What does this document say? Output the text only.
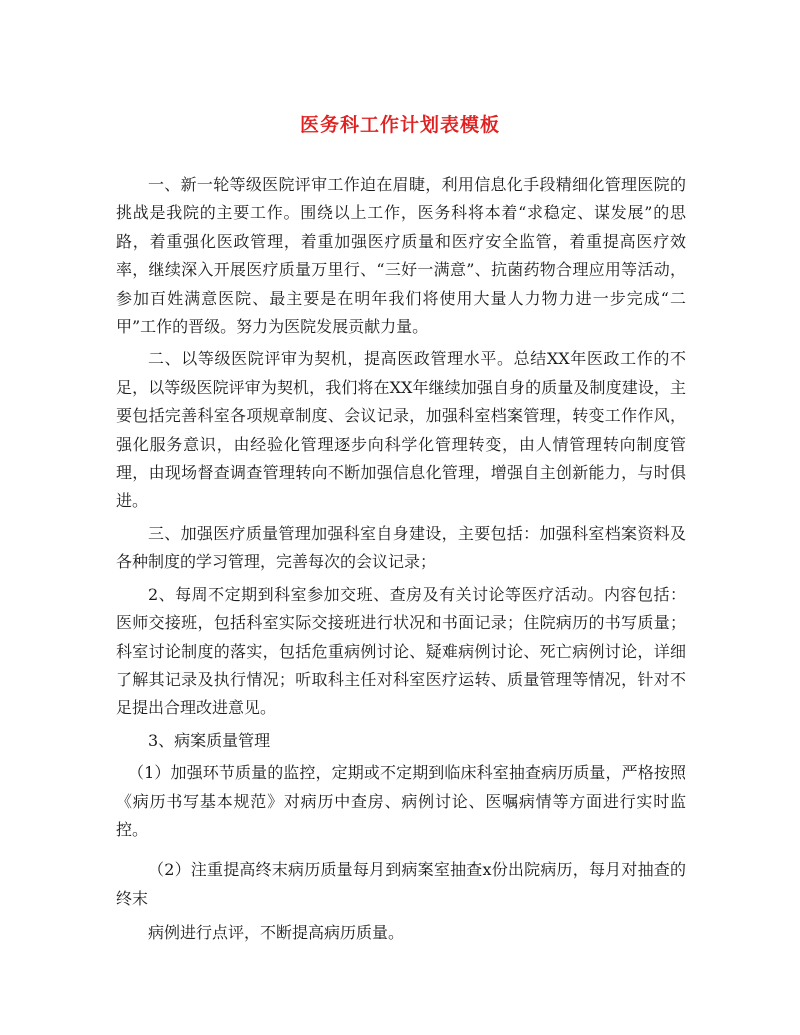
医务科工作计划表模板

一、新一轮等级医院评审工作迫在眉睫，利用信息化手段精细化管理医院的挑战是我院的主要工作。围绕以上工作，医务科将本着“求稳定、谋发展”的思路，着重强化医政管理，着重加强医疗质量和医疗安全监管，着重提高医疗效率，继续深入开展医疗质量万里行、“三好一满意”、抗菌药物合理应用等活动，参加百姓满意医院、最主要是在明年我们将使用大量人力物力进一步完成“二甲”工作的晋级。努力为医院发展贡献力量。

二、以等级医院评审为契机，提高医政管理水平。总结XX年医政工作的不足，以等级医院评审为契机，我们将在XX年继续加强自身的质量及制度建设，主要包括完善科室各项规章制度、会议记录，加强科室档案管理，转变工作作风，强化服务意识，由经验化管理逐步向科学化管理转变，由人情管理转向制度管理，由现场督查调查管理转向不断加强信息化管理，增强自主创新能力，与时俱进。

三、加强医疗质量管理加强科室自身建设，主要包括：加强科室档案资料及各种制度的学习管理，完善每次的会议记录；

2、每周不定期到科室参加交班、查房及有关讨论等医疗活动。内容包括：医师交接班，包括科室实际交接班进行状况和书面记录；住院病历的书写质量；科室讨论制度的落实，包括危重病例讨论、疑难病例讨论、死亡病例讨论，详细了解其记录及执行情况；听取科主任对科室医疗运转、质量管理等情况，针对不足提出合理改进意见。

3、病案质量管理

（1）加强环节质量的监控，定期或不定期到临床科室抽查病历质量，严格按照《病历书写基本规范》对病历中查房、病例讨论、医嘱病情等方面进行实时监控。

（2）注重提高终末病历质量每月到病案室抽查x份出院病历，每月对抽查的终末

病例进行点评，不断提高病历质量。
